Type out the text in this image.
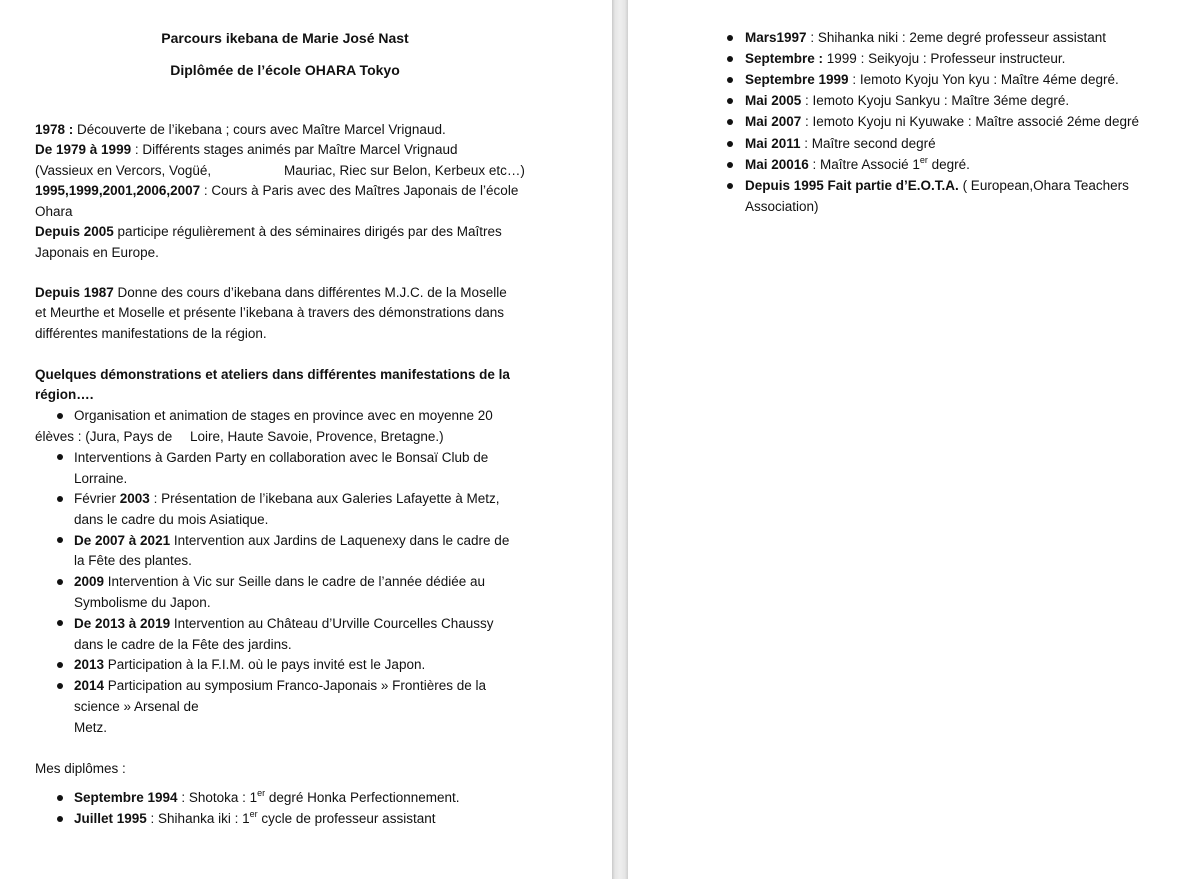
Parcours ikebana de Marie José Nast
Diplômée de l’école OHARA Tokyo
1978 : Découverte de l’ikebana ; cours avec Maître Marcel Vrignaud.
De 1979 à 1999 : Différents stages animés par Maître Marcel Vrignaud
(Vassieux en Vercors, Vogüé,	Mauriac, Riec sur Belon, Kerbeux etc…)
1995,1999,2001,2006,2007 : Cours à Paris avec des Maîtres Japonais de l’école
Ohara
Depuis 2005 participe régulièrement à des séminaires dirigés par des Maîtres
Japonais en Europe.
Depuis 1987 Donne des cours d’ikebana dans différentes M.J.C. de la Moselle
et Meurthe et Moselle et présente l’ikebana à travers des démonstrations dans
différentes manifestations de la région.
Quelques démonstrations et ateliers dans différentes manifestations de la
région….
Organisation et animation de stages en province avec en moyenne 20
élèves : (Jura, Pays de Loire, Haute Savoie, Provence, Bretagne.)
Interventions à Garden Party en collaboration avec le Bonsaï Club de
Lorraine.
Février 2003 : Présentation de l’ikebana aux Galeries Lafayette à Metz,
dans le cadre du mois Asiatique.
De 2007 à 2021 Intervention aux Jardins de Laquenexy dans le cadre de
la Fête des plantes.
2009 Intervention à Vic sur Seille dans le cadre de l’année dédiée au
Symbolisme du Japon.
De 2013 à 2019 Intervention au Château d’Urville Courcelles Chaussy
dans le cadre de la Fête des jardins.
2013 Participation à la F.I.M. où le pays invité est le Japon.
2014 Participation au symposium Franco-Japonais » Frontières de la
science » Arsenal de
Metz.
Mes diplômes :
Septembre 1994 : Shotoka : 1er degré Honka Perfectionnement.
Juillet 1995 : Shihanka iki : 1er cycle de professeur assistant
Mars1997 : Shihanka niki : 2eme degré professeur assistant
Septembre : 1999 : Seikyoju : Professeur instructeur.
Septembre 1999 : Iemoto Kyoju Yon kyu : Maître 4éme degré.
Mai 2005 : Iemoto Kyoju Sankyu : Maître 3éme degré.
Mai 2007 : Iemoto Kyoju ni Kyuwake : Maître associé 2éme degré
Mai 2011 : Maître second degré
Mai 20016 : Maître Associé 1er degré.
Depuis 1995 Fait partie d’E.O.T.A. ( European,Ohara Teachers
Association)
